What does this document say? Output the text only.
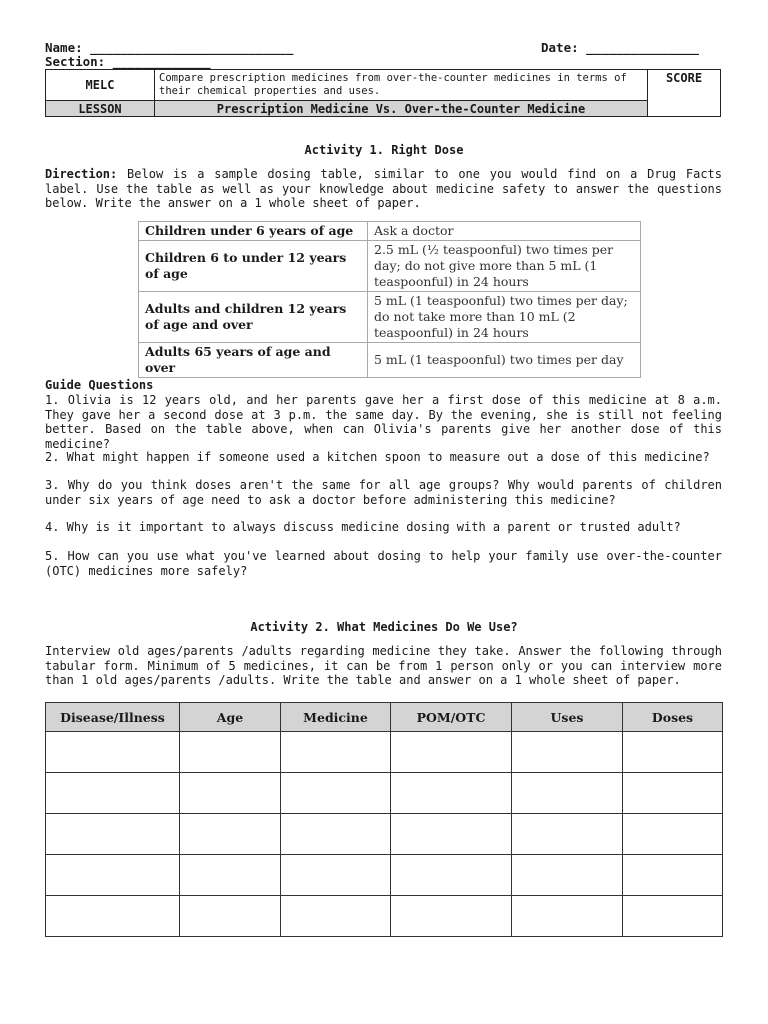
Name: ___________________________
Section: _____________
Date: _______________
MELC	Compare prescription medicines from over-the-counter medicines in terms of their chemical properties and uses.	SCORE
LESSON	Prescription Medicine Vs. Over-the-Counter Medicine	
Activity 1. Right Dose
Direction: Below is a sample dosing table, similar to one you would find on a Drug Facts label. Use the table as well as your knowledge about medicine safety to answer the questions below. Write the answer on a 1 whole sheet of paper.
Children under 6 years of age	Ask a doctor
Children 6 to under 12 years of age	2.5 mL (½ teaspoonful) two times per day; do not give more than 5 mL (1 teaspoonful) in 24 hours
Adults and children 12 years of age and over	5 mL (1 teaspoonful) two times per day; do not take more than 10 mL (2 teaspoonful) in 24 hours
Adults 65 years of age and over	5 mL (1 teaspoonful) two times per day
Guide Questions
1. Olivia is 12 years old, and her parents gave her a first dose of this medicine at 8 a.m. They gave her a second dose at 3 p.m. the same day. By the evening, she is still not feeling better. Based on the table above, when can Olivia's parents give her another dose of this medicine?
2. What might happen if someone used a kitchen spoon to measure out a dose of this medicine?
3. Why do you think doses aren't the same for all age groups? Why would parents of children under six years of age need to ask a doctor before administering this medicine?
4. Why is it important to always discuss medicine dosing with a parent or trusted adult?
5. How can you use what you've learned about dosing to help your family use over-the-counter (OTC) medicines more safely?
Activity 2. What Medicines Do We Use?
Interview old ages/parents /adults regarding medicine they take. Answer the following through tabular form. Minimum of 5 medicines, it can be from 1 person only or you can interview more than 1 old ages/parents /adults. Write the table and answer on a 1 whole sheet of paper.
Disease/Illness	Age	Medicine	POM/OTC	Uses	Doses
